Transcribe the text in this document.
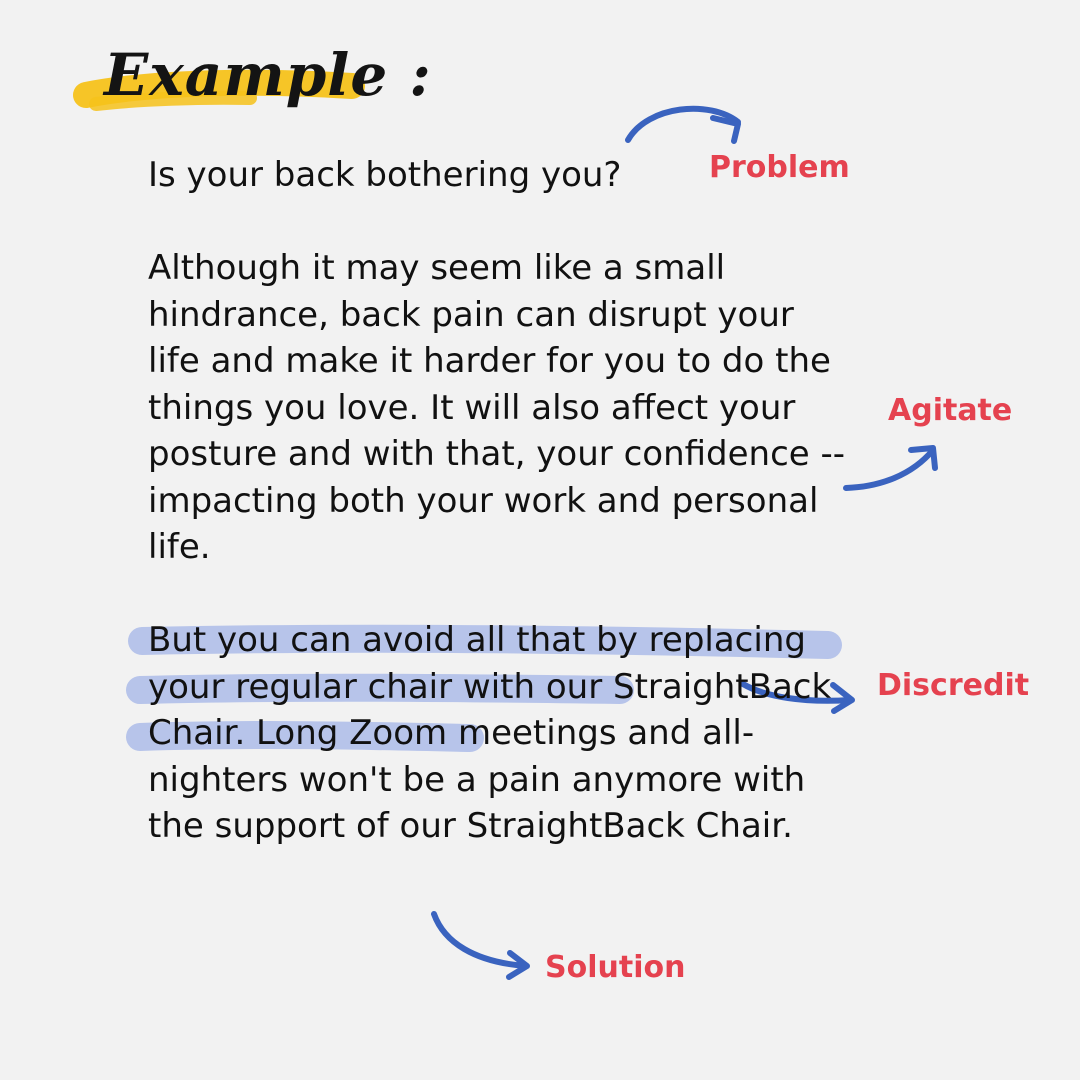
Example :

Is your back bothering you?

Although it may seem like a small hindrance, back pain can disrupt your life and make it harder for you to do the things you love. It will also affect your posture and with that, your confidence --impacting both your work and personal life.

But you can avoid all that by replacing your regular chair with our StraightBack Chair. Long Zoom meetings and all-nighters won't be a pain anymore with the support of our StraightBack Chair.

Problem
Agitate
Discredit
Solution
